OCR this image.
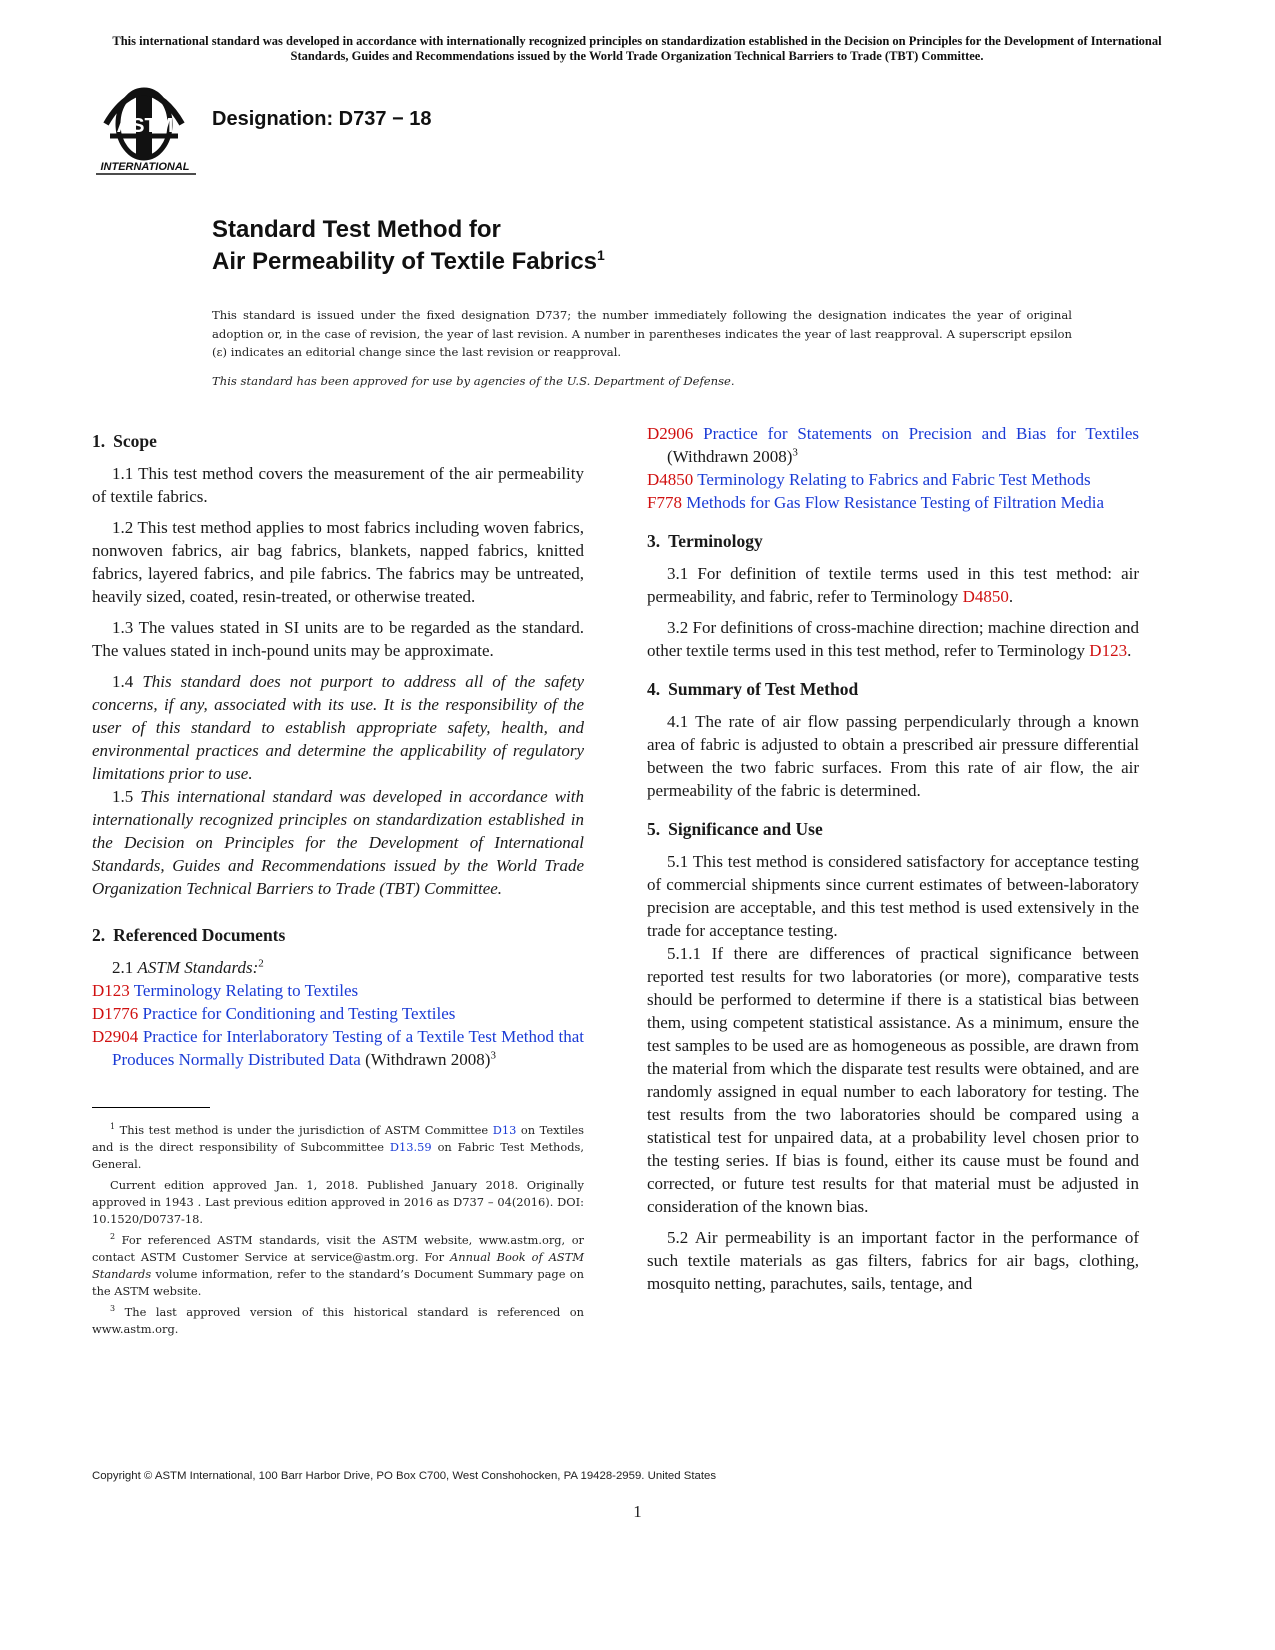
This international standard was developed in accordance with internationally recognized principles on standardization established in the Decision on Principles for the Development of International Standards, Guides and Recommendations issued by the World Trade Organization Technical Barriers to Trade (TBT) Committee.
ASTM
INTERNATIONAL
Designation: D737 − 18
Standard Test Method for
Air Permeability of Textile Fabrics$^1$
This standard is issued under the fixed designation D737; the number immediately following the designation indicates the year of original adoption or, in the case of revision, the year of last revision. A number in parentheses indicates the year of last reapproval. A superscript epsilon (ε) indicates an editorial change since the last revision or reapproval.
This standard has been approved for use by agencies of the U.S. Department of Defense.
1. Scope

1.1 This test method covers the measurement of the air permeability of textile fabrics.

1.2 This test method applies to most fabrics including woven fabrics, nonwoven fabrics, air bag fabrics, blankets, napped fabrics, knitted fabrics, layered fabrics, and pile fabrics. The fabrics may be untreated, heavily sized, coated, resin-treated, or otherwise treated.

1.3 The values stated in SI units are to be regarded as the standard. The values stated in inch-pound units may be approximate.

1.4 This standard does not purport to address all of the safety concerns, if any, associated with its use. It is the responsibility of the user of this standard to establish appropriate safety, health, and environmental practices and determine the applicability of regulatory limitations prior to use.

1.5 This international standard was developed in accordance with internationally recognized principles on standardization established in the Decision on Principles for the Development of International Standards, Guides and Recommendations issued by the World Trade Organization Technical Barriers to Trade (TBT) Committee.

2. Referenced Documents

2.1 ASTM Standards:$^2$

D123 Terminology Relating to Textiles
D1776 Practice for Conditioning and Testing Textiles
D2904 Practice for Interlaboratory Testing of a Textile Test Method that Produces Normally Distributed Data (Withdrawn 2008)$^3$
$^1$ This test method is under the jurisdiction of ASTM Committee D13 on Textiles and is the direct responsibility of Subcommittee D13.59 on Fabric Test Methods, General.
Current edition approved Jan. 1, 2018. Published January 2018. Originally approved in 1943 . Last previous edition approved in 2016 as D737 – 04(2016). DOI: 10.1520/D0737-18.
$^2$ For referenced ASTM standards, visit the ASTM website, www.astm.org, or contact ASTM Customer Service at service@astm.org. For Annual Book of ASTM Standards volume information, refer to the standard’s Document Summary page on the ASTM website.
$^3$ The last approved version of this historical standard is referenced on www.astm.org.
D2906 Practice for Statements on Precision and Bias for Textiles (Withdrawn 2008)$^3$
D4850 Terminology Relating to Fabrics and Fabric Test Methods
F778 Methods for Gas Flow Resistance Testing of Filtration Media
3. Terminology

3.1 For definition of textile terms used in this test method: air permeability, and fabric, refer to Terminology D4850.

3.2 For definitions of cross-machine direction; machine direction and other textile terms used in this test method, refer to Terminology D123.

4. Summary of Test Method

4.1 The rate of air flow passing perpendicularly through a known area of fabric is adjusted to obtain a prescribed air pressure differential between the two fabric surfaces. From this rate of air flow, the air permeability of the fabric is determined.

5. Significance and Use

5.1 This test method is considered satisfactory for acceptance testing of commercial shipments since current estimates of between-laboratory precision are acceptable, and this test method is used extensively in the trade for acceptance testing.

5.1.1 If there are differences of practical significance between reported test results for two laboratories (or more), comparative tests should be performed to determine if there is a statistical bias between them, using competent statistical assistance. As a minimum, ensure the test samples to be used are as homogeneous as possible, are drawn from the material from which the disparate test results were obtained, and are randomly assigned in equal number to each laboratory for testing. The test results from the two laboratories should be compared using a statistical test for unpaired data, at a probability level chosen prior to the testing series. If bias is found, either its cause must be found and corrected, or future test results for that material must be adjusted in consideration of the known bias.

5.2 Air permeability is an important factor in the performance of such textile materials as gas filters, fabrics for air bags, clothing, mosquito netting, parachutes, sails, tentage, and

Copyright © ASTM International, 100 Barr Harbor Drive, PO Box C700, West Conshohocken, PA 19428-2959. United States
1
